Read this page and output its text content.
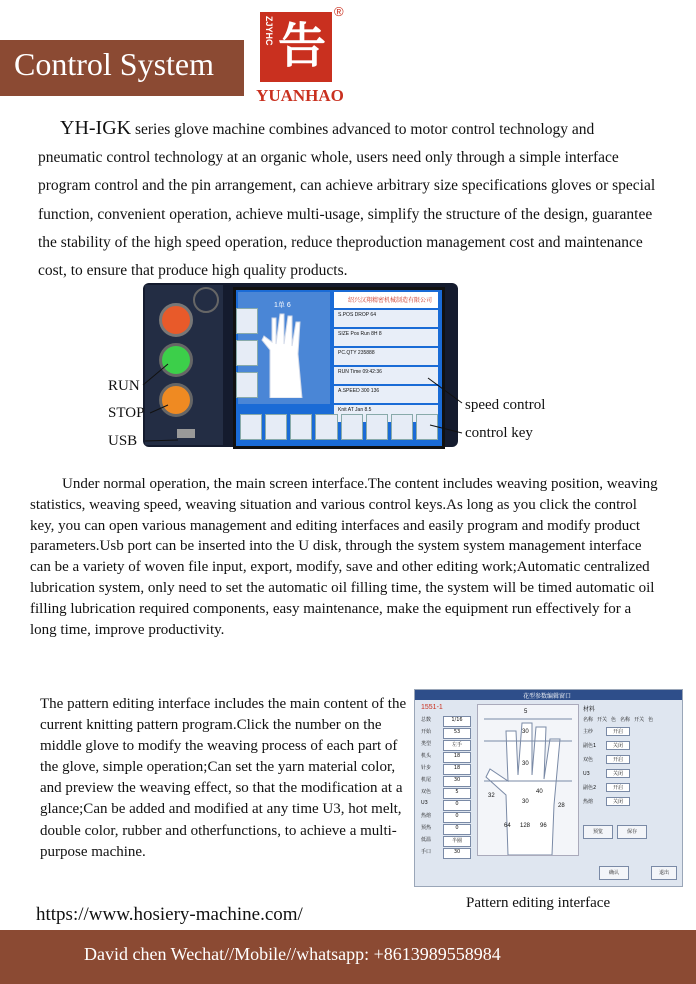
Control System
ZJYHC 告
®
YUANHAO
YH-IGK series glove machine combines advanced to motor control technology and pneumatic control technology at an organic whole, users need only through a simple interface program control and the pin arrangement, can achieve arbitrary size specifications gloves or special function, convenient operation, achieve multi-usage, simplify the structure of the design, guarantee the stability of the high speed operation, reduce theproduction management cost and maintenance cost, to ensure that produce high quality products.
1单 6
绍兴汉翔精密机械制造有限公司
S.POS DROP 64
SIZE Pos Run 8H 8
PC.QTY 235888
RUN Time 09:42:36
A.SPEED 300 136
Knit AT Jan 8.5
RUN
STOP
USB
speed control
control key
Under normal operation, the main screen interface.The content includes weaving position, weaving statistics, weaving speed, weaving situation and various control keys.As long as you click the control key, you can open various management and editing interfaces and easily program and modify product parameters.Usb port can be inserted into the U disk, through the system system management interface can be a variety of woven file input, export, modify, save and other editing work;Automatic centralized lubrication system, only need to set the automatic oil filling time, the system will be timed automatic oil filling lubrication required components, easy maintenance, make the equipment run effectively for a long time, improve productivity.
The pattern editing interface includes the main content of the current knitting pattern program.Click the number on the middle glove to modify the weaving process of each part of the glove, simple operation;Can set the yarn material color, and preview the weaving effect, so that the modification at a glance;Can be added and modified at any time U3, hot melt, double color, rubber and otherfunctions, to achieve a multi-purpose machine.
花型参数编辑窗口
1551-1
总数	1/16
开始	53
类型	左手
机头	18
针步	18
机尾	30
双色	5
U3	0
热熔	0
预热	0
低温	半圈
手口	30
5
30
30
40
30
32
64 128 96
28
材料
名称 开关 色 名称 开关 色
主纱	开启
副色1	关闭
双色	开启
U3	关闭
副色2	开启
热熔	关闭
预览	保存
确认	退出
Pattern editing interface
https://www.hosiery-machine.com/
David chen Wechat//Mobile//whatsapp: +8613989558984
